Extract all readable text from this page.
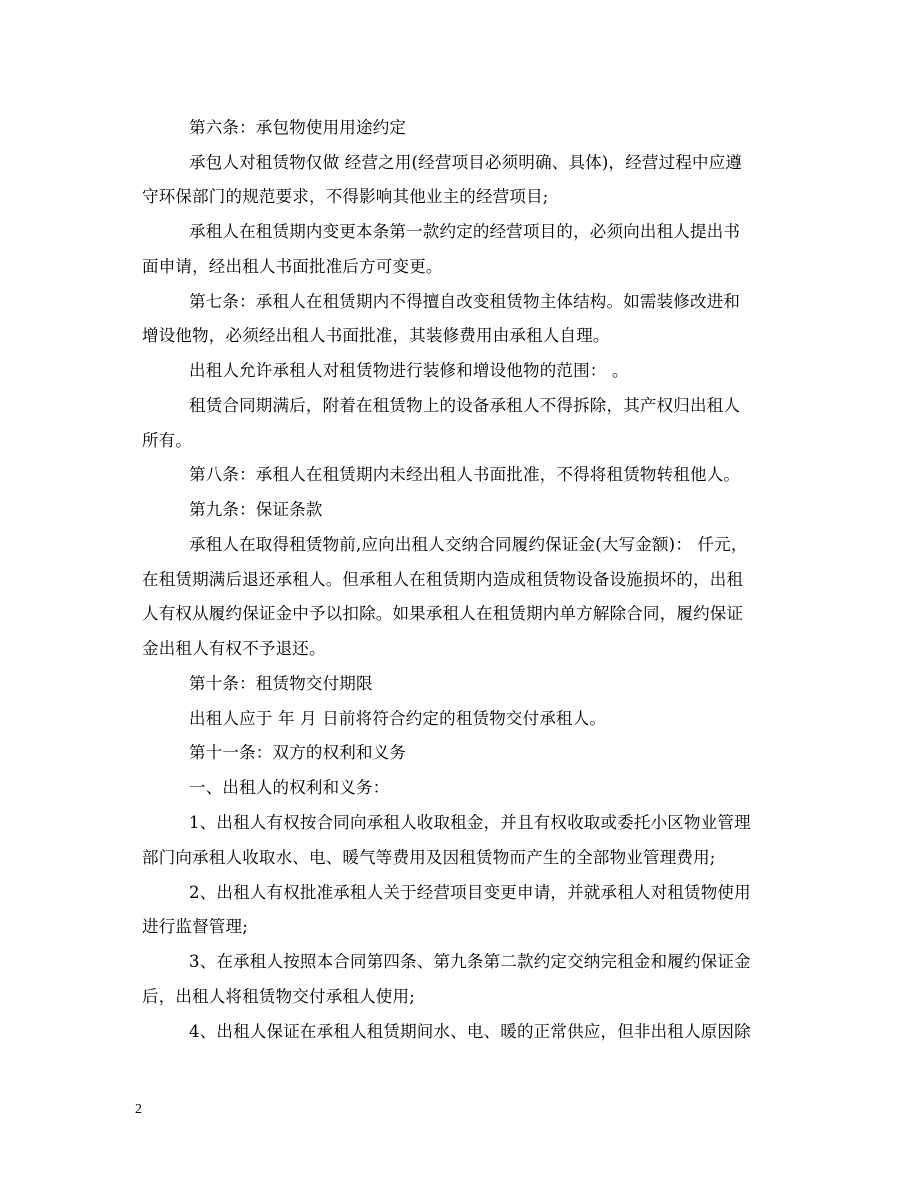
第六条：承包物使用用途约定
承包人对租赁物仅做 经营之用(经营项目必须明确、具体)，经营过程中应遵
守环保部门的规范要求，不得影响其他业主的经营项目;
承租人在租赁期内变更本条第一款约定的经营项目的，必须向出租人提出书
面申请，经出租人书面批准后方可变更。
第七条：承租人在租赁期内不得擅自改变租赁物主体结构。如需装修改进和
增设他物，必须经出租人书面批准，其装修费用由承租人自理。
出租人允许承租人对租赁物进行装修和增设他物的范围： 。
租赁合同期满后，附着在租赁物上的设备承租人不得拆除，其产权归出租人
所有。
第八条：承租人在租赁期内未经出租人书面批准，不得将租赁物转租他人。
第九条：保证条款
承租人在取得租赁物前,应向出租人交纳合同履约保证金(大写金额)： 仟元，
在租赁期满后退还承租人。但承租人在租赁期内造成租赁物设备设施损坏的，出租
人有权从履约保证金中予以扣除。如果承租人在租赁期内单方解除合同，履约保证
金出租人有权不予退还。
第十条：租赁物交付期限
出租人应于 年 月 日前将符合约定的租赁物交付承租人。
第十一条：双方的权利和义务
一、出租人的权利和义务：
1、出租人有权按合同向承租人收取租金，并且有权收取或委托小区物业管理
部门向承租人收取水、电、暖气等费用及因租赁物而产生的全部物业管理费用;
2、出租人有权批准承租人关于经营项目变更申请，并就承租人对租赁物使用
进行监督管理;
3、在承租人按照本合同第四条、第九条第二款约定交纳完租金和履约保证金
后，出租人将租赁物交付承租人使用;
4、出租人保证在承租人租赁期间水、电、暖的正常供应，但非出租人原因除
2
